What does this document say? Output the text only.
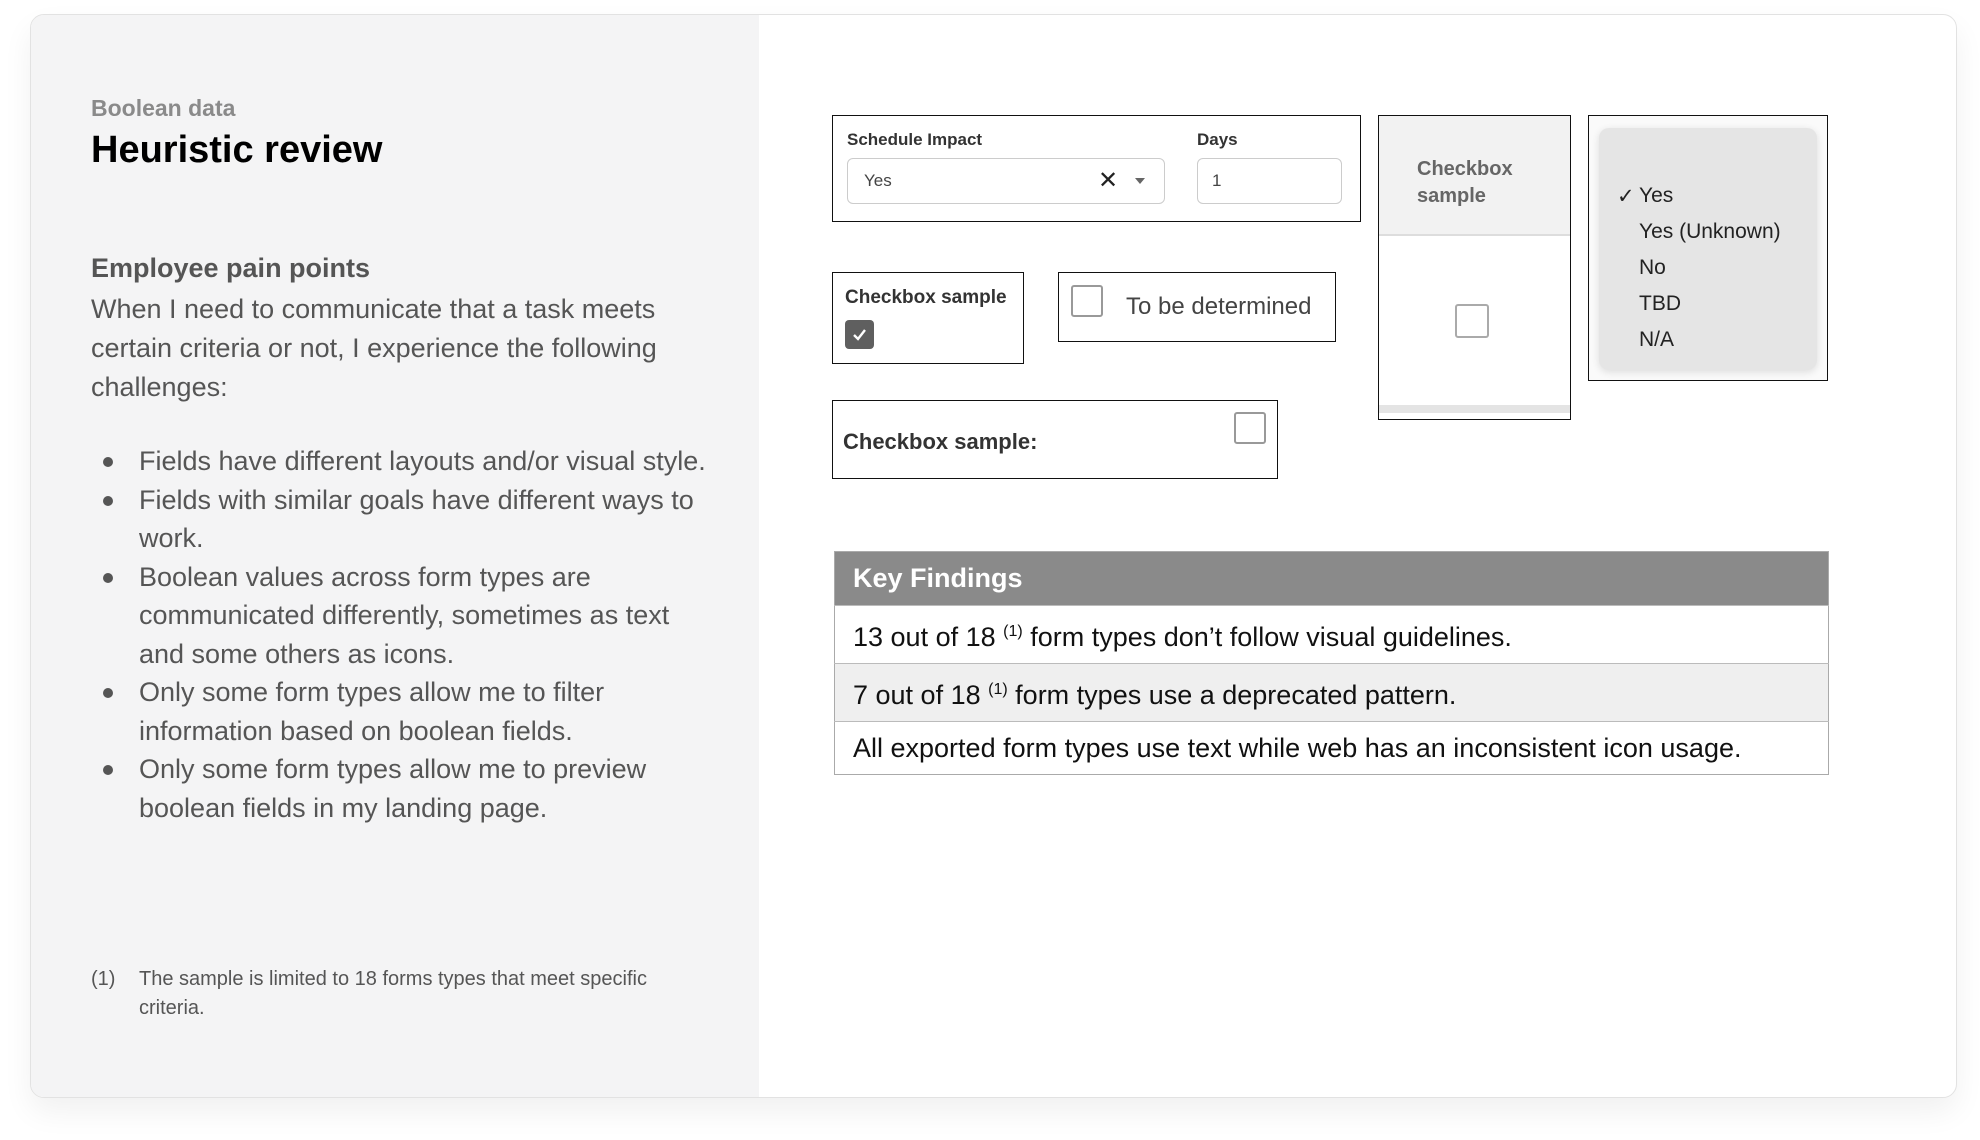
Boolean data
Heuristic review
Employee pain points
When I need to communicate that a task meets certain criteria or not, I experience the following challenges:
Fields have different layouts and/or visual style.
Fields with similar goals have different ways to work.
Boolean values across form types are communicated differently, sometimes as text and some others as icons.
Only some form types allow me to filter information based on boolean fields.
Only some form types allow me to preview boolean fields in my landing page.
(1)	The sample is limited to 18 forms types that meet specific criteria.
Schedule Impact	Days
Yes	✕	1
Checkbox sample	To be determined
Checkbox sample:
Checkbox sample	✓ Yes
Yes (Unknown)
No
TBD
N/A
Key Findings
13 out of 18 $^{(1)}$ form types don’t follow visual guidelines.
7 out of 18 $^{(1)}$ form types use a deprecated pattern.
All exported form types use text while web has an inconsistent icon usage.
